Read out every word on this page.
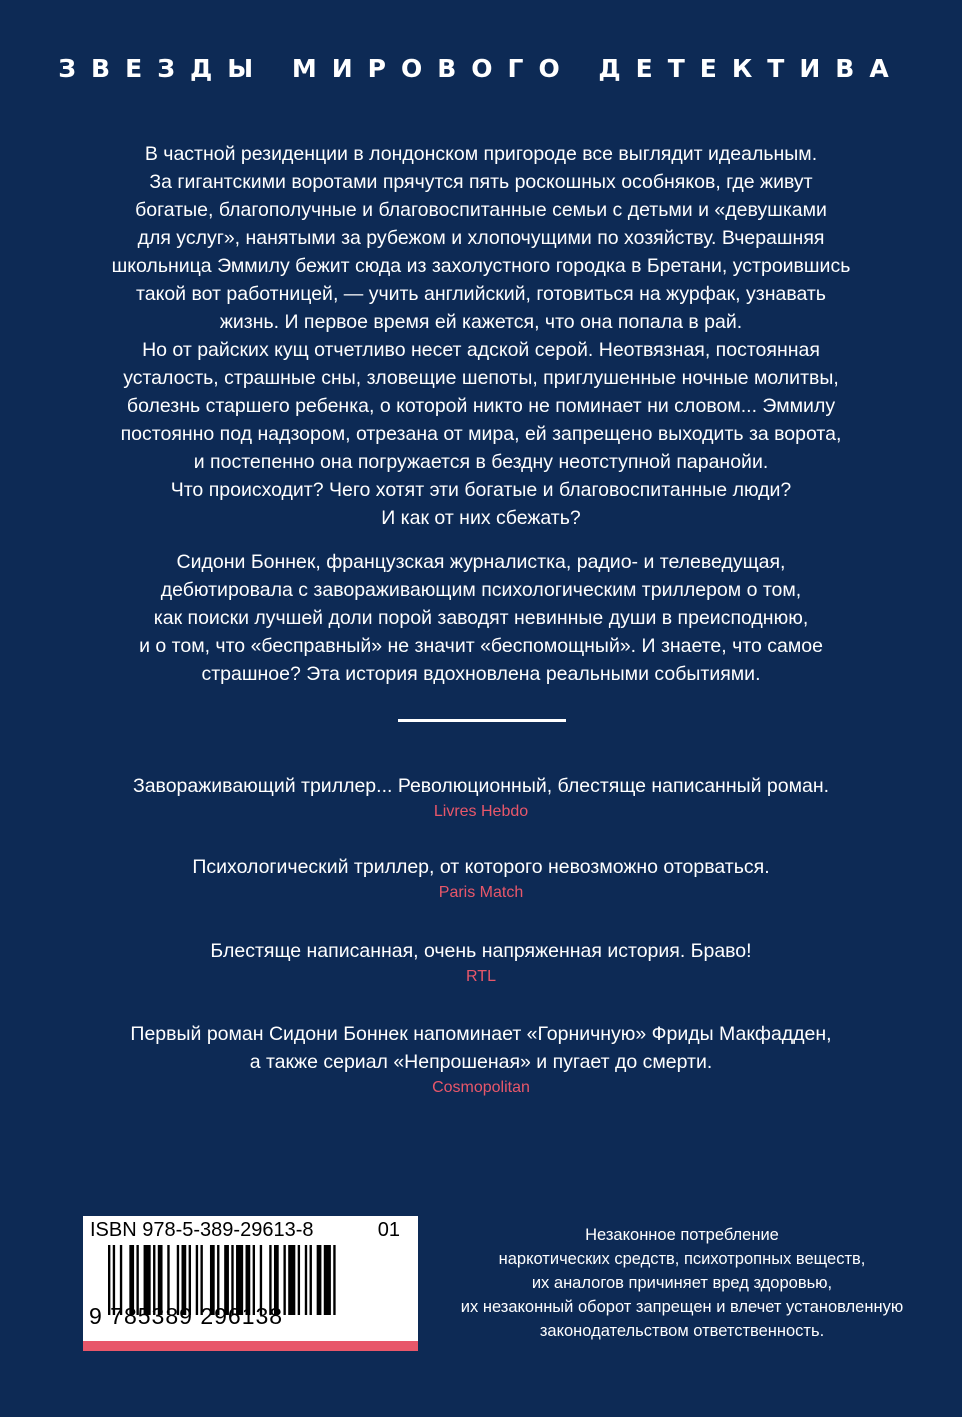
ЗВЕЗДЫ МИРОВОГО ДЕТЕКТИВА
В частной резиденции в лондонском пригороде все выглядит идеальным.
За гигантскими воротами прячутся пять роскошных особняков, где живут
богатые, благополучные и благовоспитанные семьи с детьми и «девушками
для услуг», нанятыми за рубежом и хлопочущими по хозяйству. Вчерашняя
школьница Эммилу бежит сюда из захолустного городка в Бретани, устроившись
такой вот работницей, — учить английский, готовиться на журфак, узнавать
жизнь. И первое время ей кажется, что она попала в рай.
Но от райских кущ отчетливо несет адской серой. Неотвязная, постоянная
усталость, страшные сны, зловещие шепоты, приглушенные ночные молитвы,
болезнь старшего ребенка, о которой никто не поминает ни словом... Эммилу
постоянно под надзором, отрезана от мира, ей запрещено выходить за ворота,
и постепенно она погружается в бездну неотступной паранойи.
Что происходит? Чего хотят эти богатые и благовоспитанные люди?
И как от них сбежать?
Сидони Боннек, французская журналистка, радио- и телеведущая,
дебютировала с завораживающим психологическим триллером о том,
как поиски лучшей доли порой заводят невинные души в преисподнюю,
и о том, что «бесправный» не значит «беспомощный». И знаете, что самое
страшное? Эта история вдохновлена реальными событиями.
Завораживающий триллер... Революционный, блестяще написанный роман.
Livres Hebdo
Психологический триллер, от которого невозможно оторваться.
Paris Match
Блестяще написанная, очень напряженная история. Браво!
RTL
Первый роман Сидони Боннек напоминает «Горничную» Фриды Макфадден,
а также сериал «Непрошеная» и пугает до смерти.
Cosmopolitan
ISBN 978-5-389-29613-8	01
9 785389 296138
Незаконное потребление
наркотических средств, психотропных веществ,
их аналогов причиняет вред здоровью,
их незаконный оборот запрещен и влечет установленную
законодательством ответственность.
